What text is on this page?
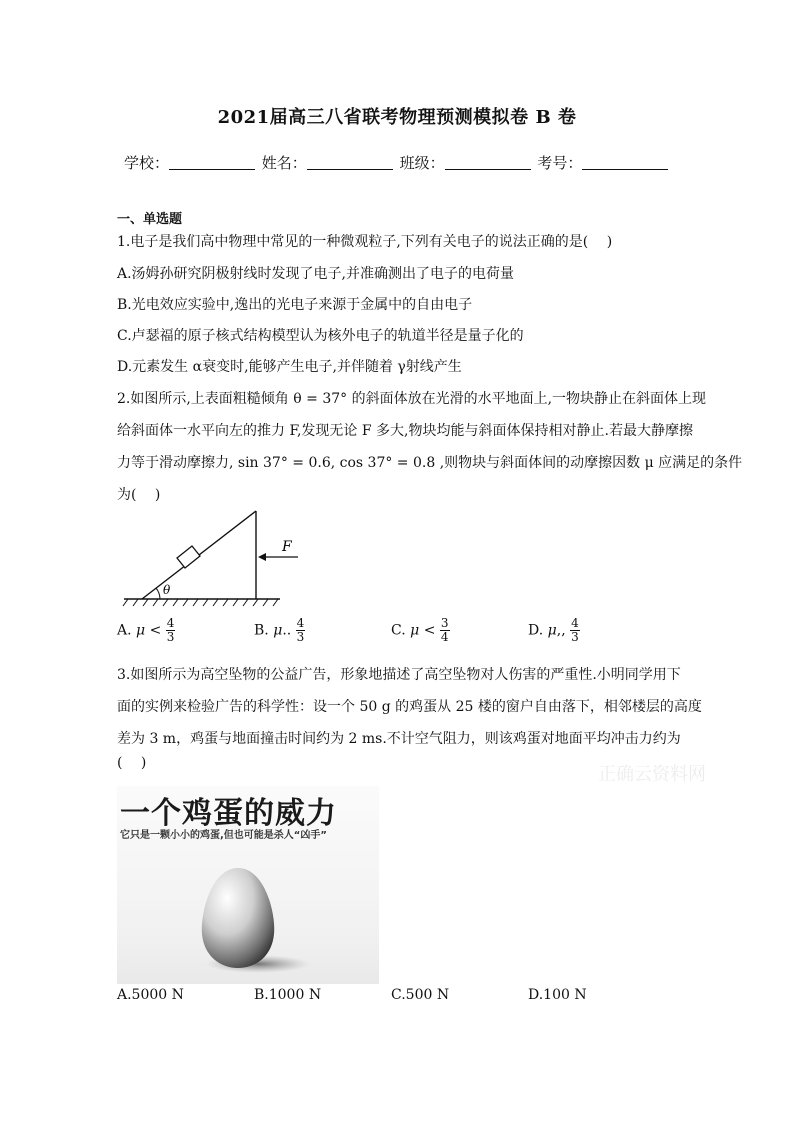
2021届高三八省联考物理预测模拟卷 B 卷
学校：	姓名：	班级：	考号：
一、单选题
1.电子是我们高中物理中常见的一种微观粒子,下列有关电子的说法正确的是(　 )
A.汤姆孙研究阴极射线时发现了电子,并准确测出了电子的电荷量
B.光电效应实验中,逸出的光电子来源于金属中的自由电子
C.卢瑟福的原子核式结构模型认为核外电子的轨道半径是量子化的
D.元素发生 α衰变时,能够产生电子,并伴随着 γ射线产生
2.如图所示,上表面粗糙倾角 θ = 37° 的斜面体放在光滑的水平地面上,一物块静止在斜面体上现
给斜面体一水平向左的推力 F,发现无论 F 多大,物块均能与斜面体保持相对静止.若最大静摩擦
力等于滑动摩擦力, sin 37° = 0.6, cos 37° = 0.8 ,则物块与斜面体间的动摩擦因数 μ 应满足的条件
为(　 )
θ
F
A. $\mu < \frac{4}{3}$	B. μ.. $\frac{4}{3}$	C. $\mu < \frac{3}{4}$	D. μ,, $\frac{4}{3}$
3.如图所示为高空坠物的公益广告，形象地描述了高空坠物对人伤害的严重性.小明同学用下
面的实例来检验广告的科学性：设一个 50 g 的鸡蛋从 25 楼的窗户自由落下，相邻楼层的高度
差为 3 m，鸡蛋与地面撞击时间约为 2 ms.不计空气阻力，则该鸡蛋对地面平均冲击力约为
(　 )
正确云资料网
一个鸡蛋的威力
它只是一颗小小的鸡蛋,但也可能是杀人“凶手”
A.5000 N	B.1000 N	C.500 N	D.100 N
